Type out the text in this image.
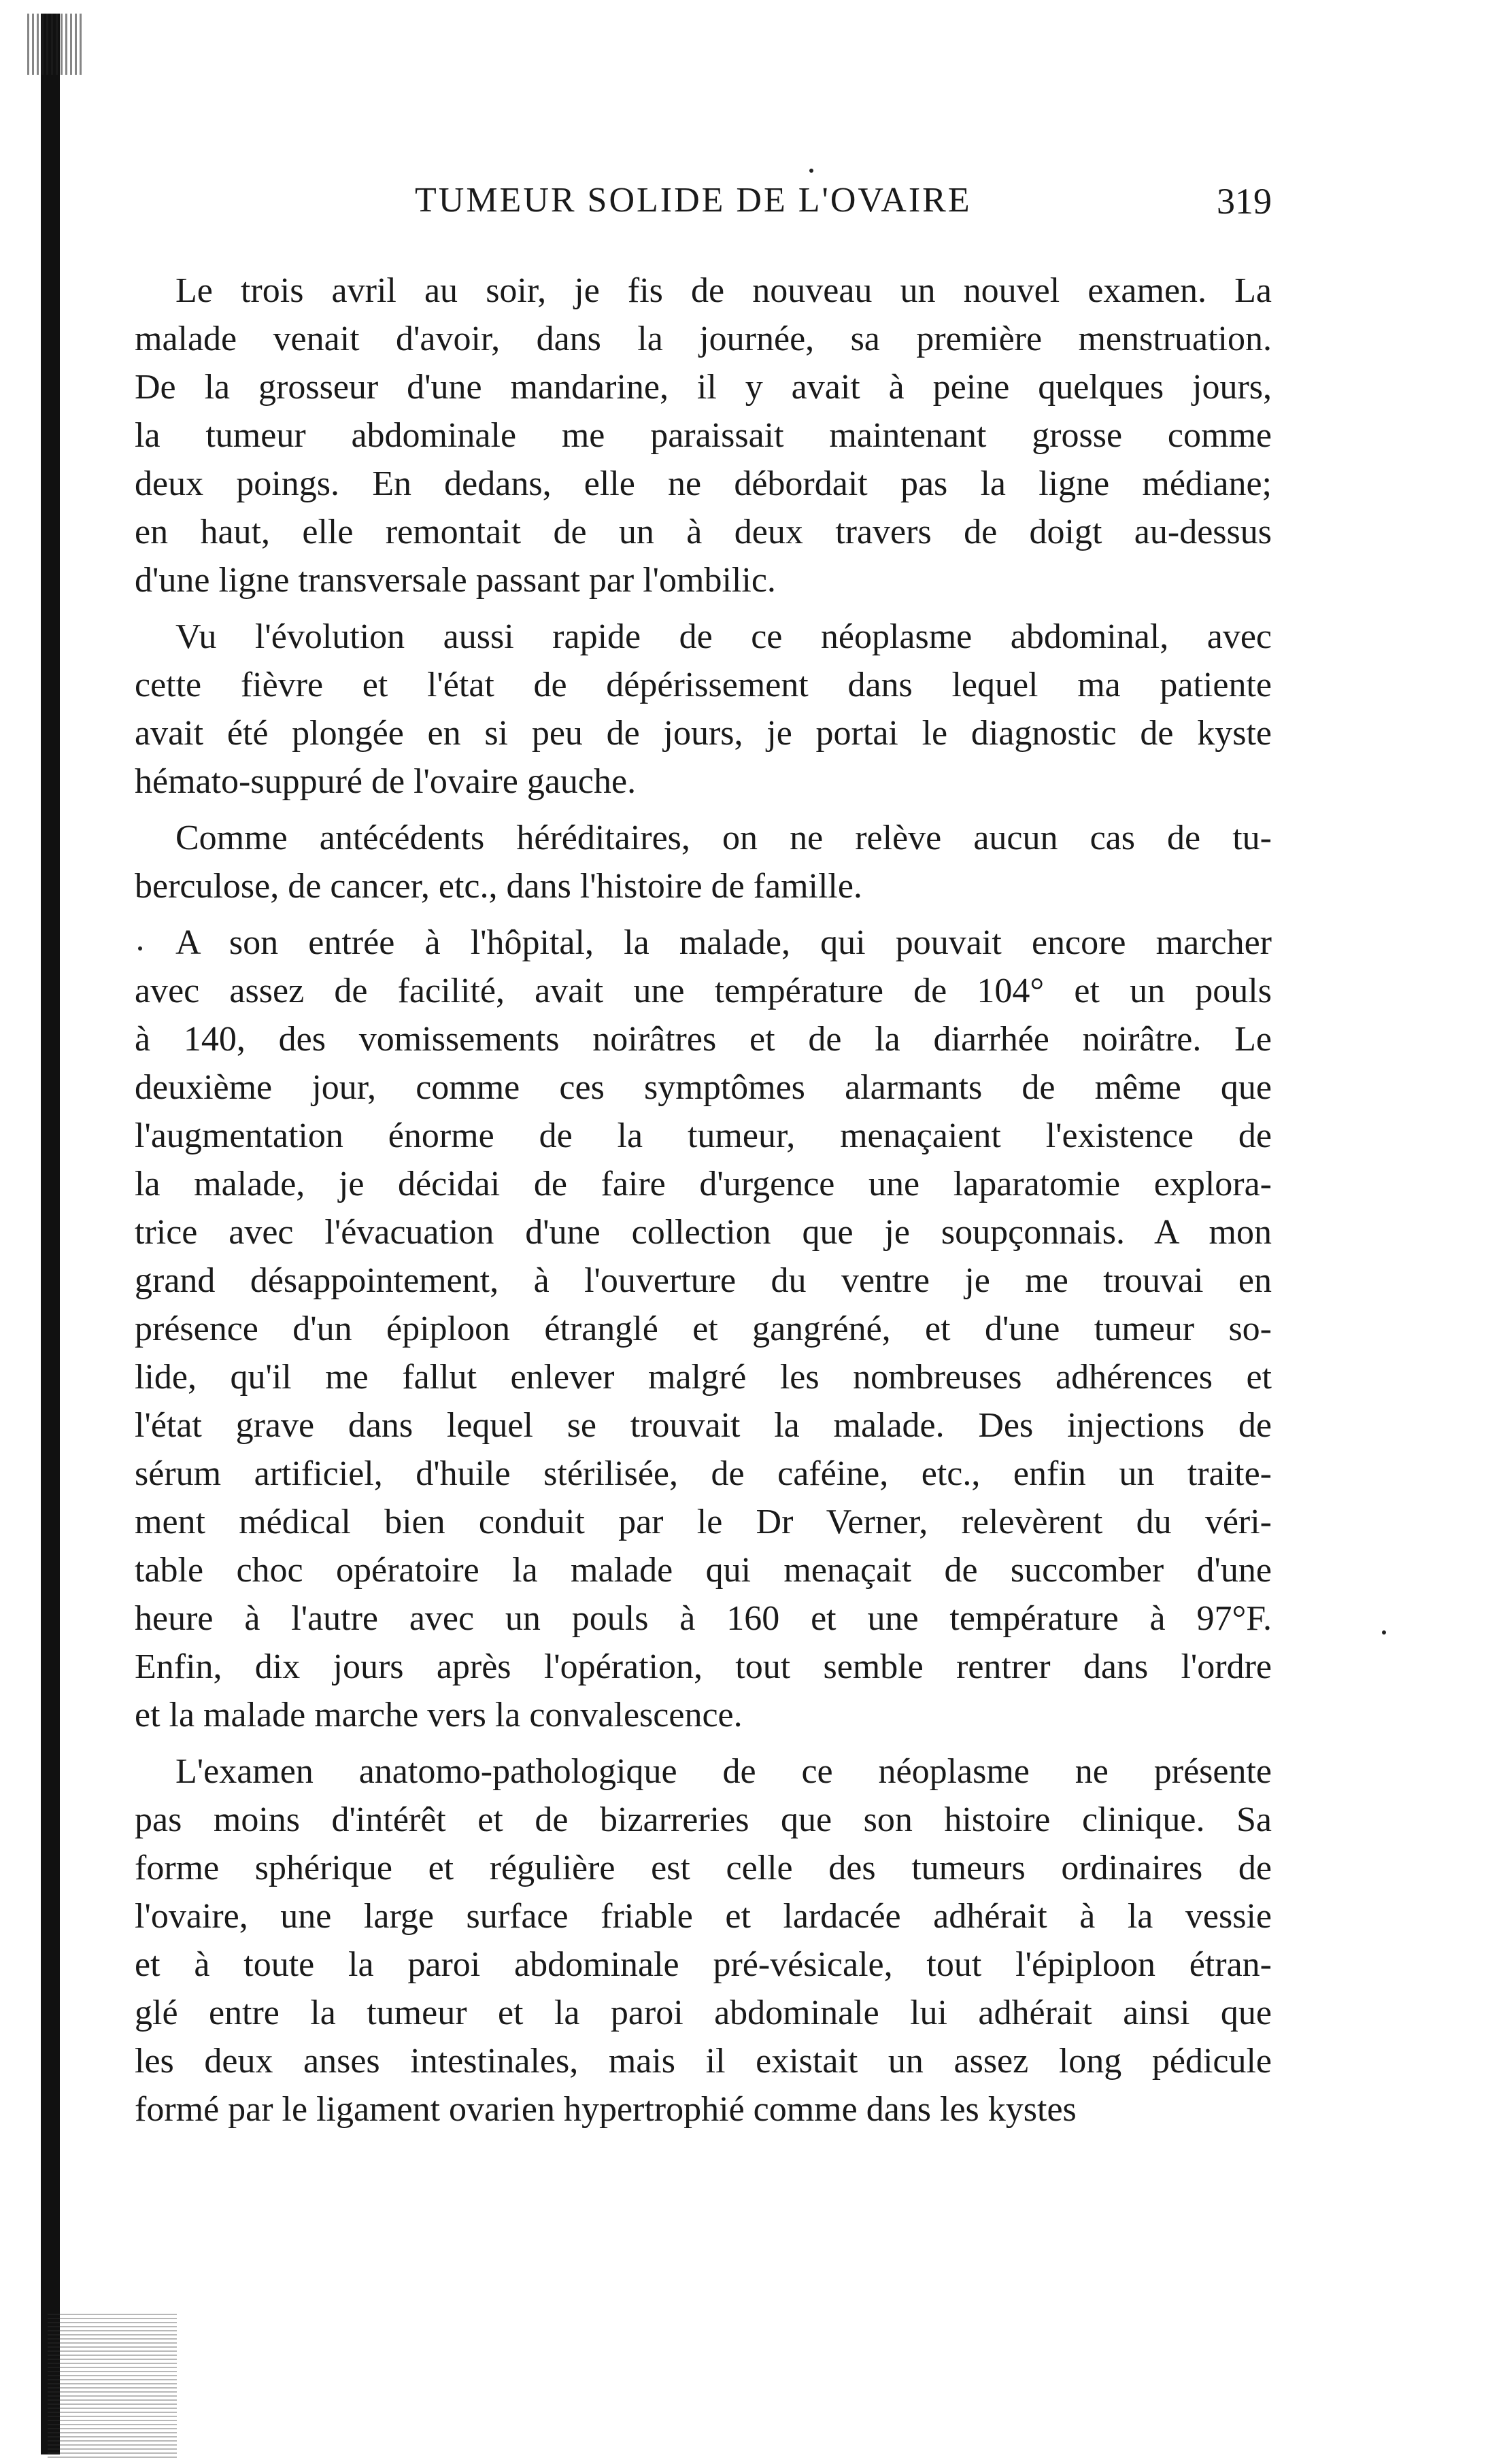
TUMEUR SOLIDE DE L'OVAIRE	319
Le trois avril au soir, je fis de nouveau un nouvel examen. La
malade venait d'avoir, dans la journée, sa première menstruation.
De la grosseur d'une mandarine, il y avait à peine quelques jours,
la tumeur abdominale me paraissait maintenant grosse comme
deux poings. En dedans, elle ne débordait pas la ligne médiane;
en haut, elle remontait de un à deux travers de doigt au-dessus
d'une ligne transversale passant par l'ombilic.
Vu l'évolution aussi rapide de ce néoplasme abdominal, avec
cette fièvre et l'état de dépérissement dans lequel ma patiente
avait été plongée en si peu de jours, je portai le diagnostic de kyste
hémato-suppuré de l'ovaire gauche.
Comme antécédents héréditaires, on ne relève aucun cas de tu-
berculose, de cancer, etc., dans l'histoire de famille.
A son entrée à l'hôpital, la malade, qui pouvait encore marcher
avec assez de facilité, avait une température de 104° et un pouls
à 140, des vomissements noirâtres et de la diarrhée noirâtre. Le
deuxième jour, comme ces symptômes alarmants de même que
l'augmentation énorme de la tumeur, menaçaient l'existence de
la malade, je décidai de faire d'urgence une laparatomie explora-
trice avec l'évacuation d'une collection que je soupçonnais. A mon
grand désappointement, à l'ouverture du ventre je me trouvai en
présence d'un épiploon étranglé et gangréné, et d'une tumeur so-
lide, qu'il me fallut enlever malgré les nombreuses adhérences et
l'état grave dans lequel se trouvait la malade. Des injections de
sérum artificiel, d'huile stérilisée, de caféine, etc., enfin un traite-
ment médical bien conduit par le Dr Verner, relevèrent du véri-
table choc opératoire la malade qui menaçait de succomber d'une
heure à l'autre avec un pouls à 160 et une température à 97°F.
Enfin, dix jours après l'opération, tout semble rentrer dans l'ordre
et la malade marche vers la convalescence.
L'examen anatomo-pathologique de ce néoplasme ne présente
pas moins d'intérêt et de bizarreries que son histoire clinique. Sa
forme sphérique et régulière est celle des tumeurs ordinaires de
l'ovaire, une large surface friable et lardacée adhérait à la vessie
et à toute la paroi abdominale pré-vésicale, tout l'épiploon étran-
glé entre la tumeur et la paroi abdominale lui adhérait ainsi que
les deux anses intestinales, mais il existait un assez long pédicule
formé par le ligament ovarien hypertrophié comme dans les kystes
